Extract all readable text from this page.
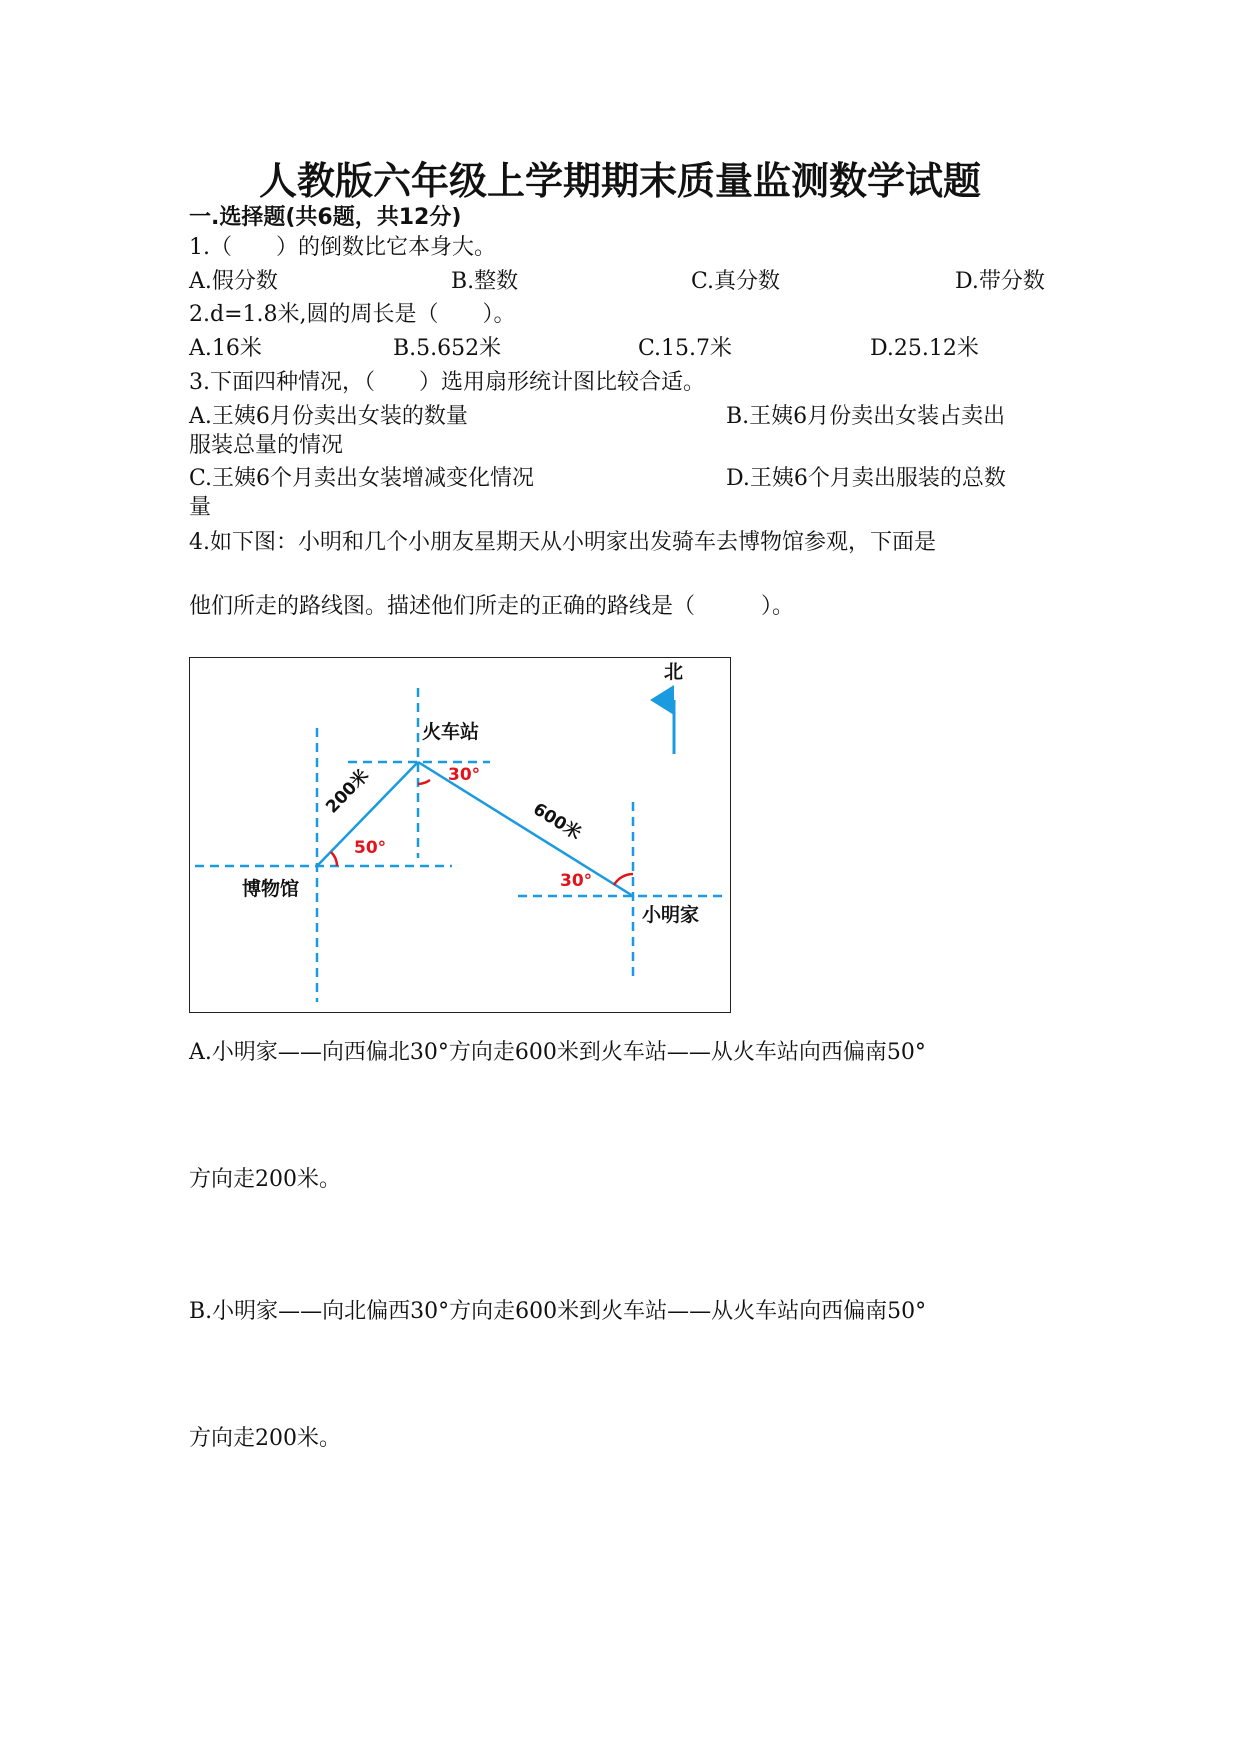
人教版六年级上学期期末质量监测数学试题
一.选择题(共6题，共12分)
1.（　　）的倒数比它本身大。
A.假分数	B.整数	C.真分数	D.带分数
2.d=1.8米,圆的周长是（　　）。
A.16米	B.5.652米	C.15.7米	D.25.12米
3.下面四种情况，（　　）选用扇形统计图比较合适。
A.王姨6月份卖出女装的数量	B.王姨6月份卖出女装占卖出
服装总量的情况
C.王姨6个月卖出女装增减变化情况	D.王姨6个月卖出服装的总数
量
4.如下图：小明和几个小朋友星期天从小明家出发骑车去博物馆参观，下面是
他们所走的路线图。描述他们所走的正确的路线是（　　　）。
北
火车站
博物馆
小明家
200米
600米
30°
50°
30°
A.小明家——向西偏北30°方向走600米到火车站——从火车站向西偏南50°
方向走200米。
B.小明家——向北偏西30°方向走600米到火车站——从火车站向西偏南50°
方向走200米。
